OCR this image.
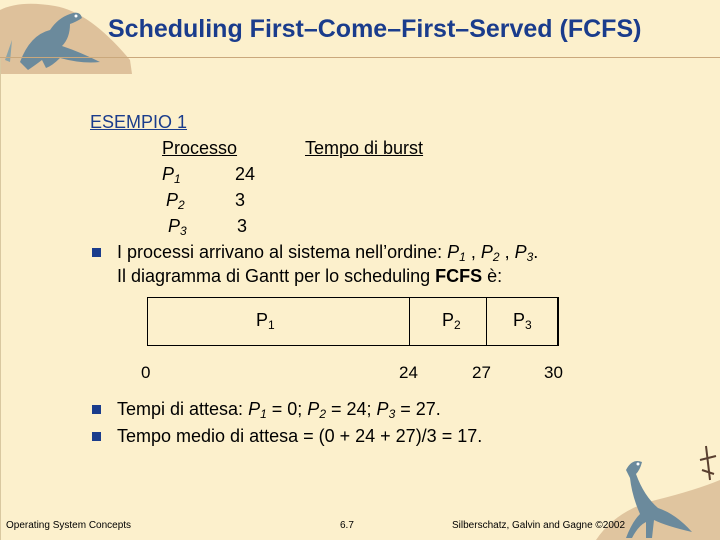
Scheduling First–Come–First–Served (FCFS)
ESEMPIO 1
Processo	Tempo di burst
$P_1$	24
$P_2$	3
$P_3$	3
I processi arrivano al sistema nell’ordine: $P_1$ , $P_2$ , $P_3$.
Il diagramma di Gantt per lo scheduling FCFS è:
$P_1$	$P_2$	$P_3$
0	24	27	30
Tempi di attesa: $P_1 = 0$; $P_2 = 24$; $P_3 = 27$.
Tempo medio di attesa = (0 + 24 + 27)/3 = 17.
Operating System Concepts	6.7	Silberschatz, Galvin and Gagne ©2002
